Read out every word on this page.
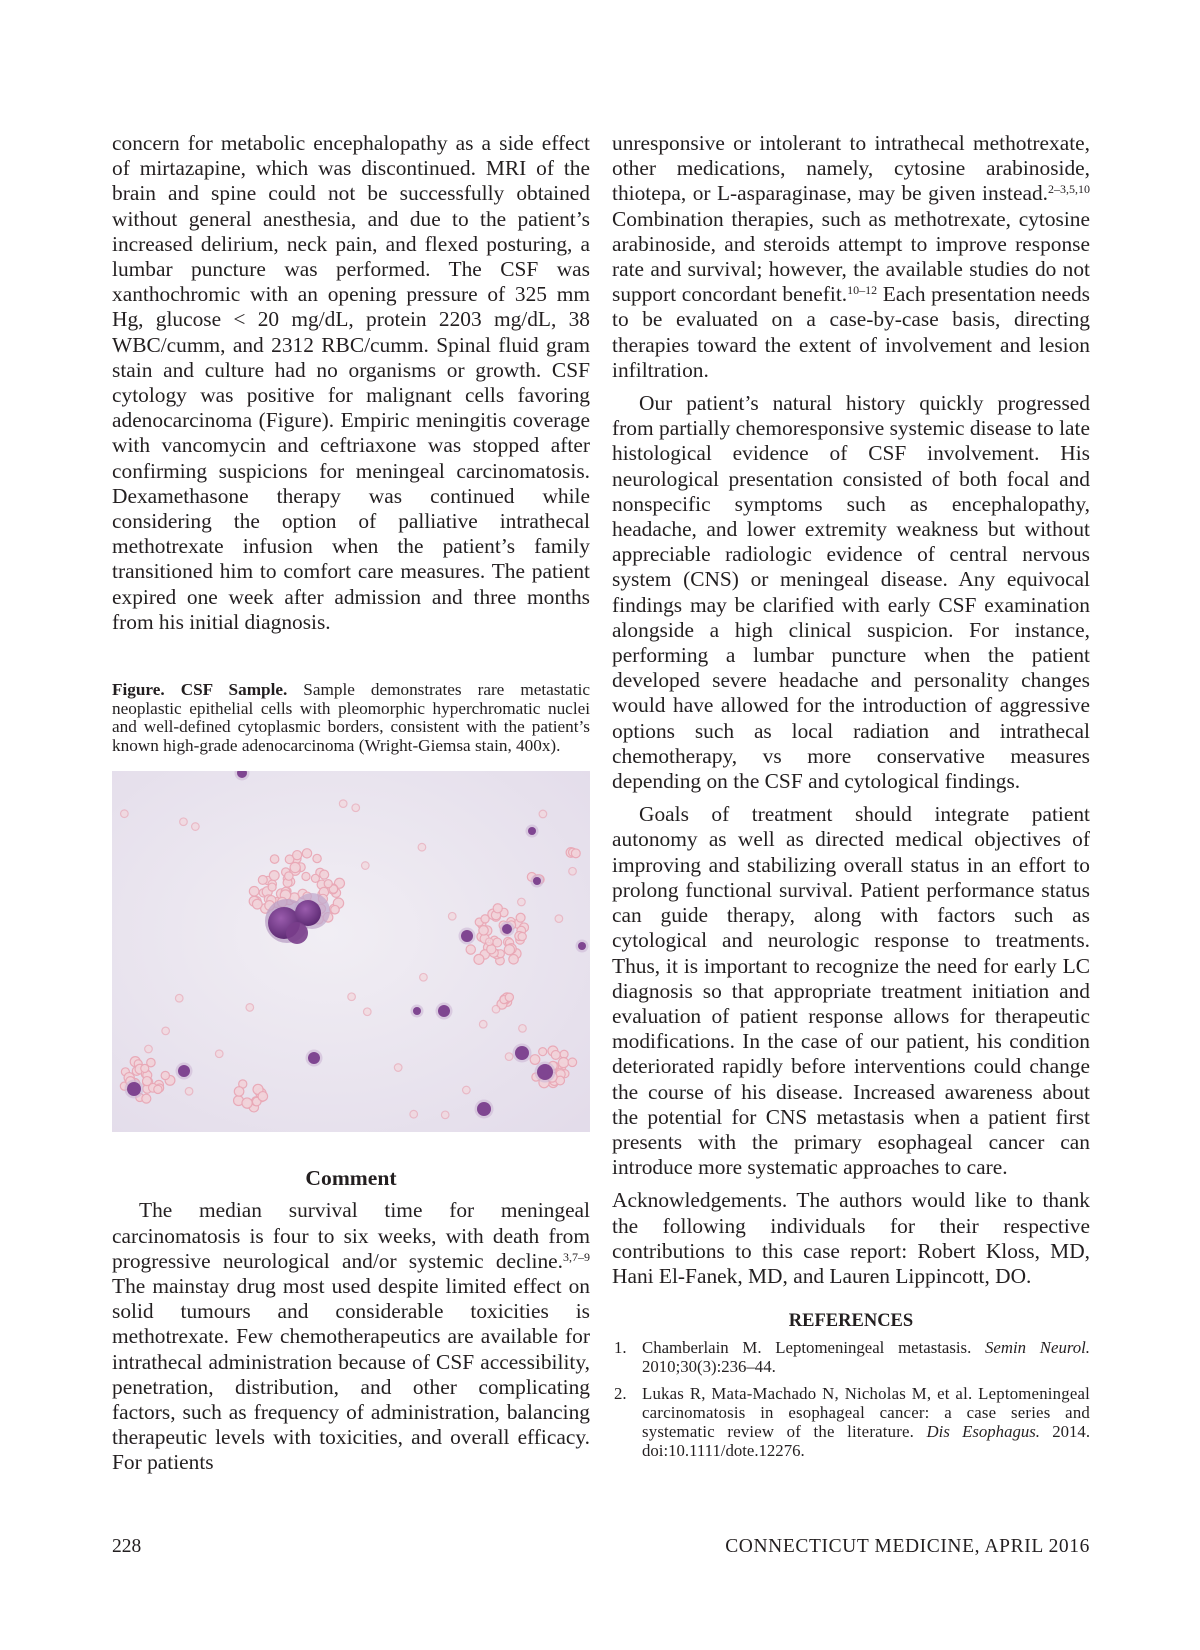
concern for metabolic encephalopathy as a side effect of mirtazapine, which was discontinued. MRI of the brain and spine could not be successfully obtained without general anesthesia, and due to the patient’s increased delirium, neck pain, and flexed posturing, a lumbar puncture was performed. The CSF was xanthochromic with an opening pressure of 325 mm Hg, glucose < 20 mg/dL, protein 2203 mg/dL, 38 WBC/cumm, and 2312 RBC/cumm. Spinal fluid gram stain and culture had no organisms or growth. CSF cytology was positive for malignant cells favoring adenocarcinoma (Figure). Empiric meningitis coverage with vancomycin and ceftriaxone was stopped after confirming suspicions for meningeal carcinomatosis. Dexamethasone therapy was continued while considering the option of palliative intrathecal methotrexate infusion when the patient’s family transitioned him to comfort care measures. The patient expired one week after admission and three months from his initial diagnosis.

Figure. CSF Sample. Sample demonstrates rare metastatic neoplastic epithelial cells with pleomorphic hyperchromatic nuclei and well-defined cytoplasmic borders, consistent with the patient’s known high-grade adenocarcinoma (Wright-Giemsa stain, 400x).
Comment

The median survival time for meningeal carcinomatosis is four to six weeks, with death from progressive neurological and/or systemic decline.$^{3,7-9}$ The mainstay drug most used despite limited effect on solid tumours and considerable toxicities is methotrexate. Few chemotherapeutics are available for intrathecal administration because of CSF accessibility, penetration, distribution, and other complicating factors, such as frequency of administration, balancing therapeutic levels with toxicities, and overall efficacy. For patients

unresponsive or intolerant to intrathecal methotrexate, other medications, namely, cytosine arabinoside, thiotepa, or L-asparaginase, may be given instead.$^{2-3,5,10}$ Combination therapies, such as methotrexate, cytosine arabinoside, and steroids attempt to improve response rate and survival; however, the available studies do not support concordant benefit.$^{10-12}$ Each presentation needs to be evaluated on a case-by-case basis, directing therapies toward the extent of involvement and lesion infiltration.

Our patient’s natural history quickly progressed from partially chemoresponsive systemic disease to late histological evidence of CSF involvement. His neurological presentation consisted of both focal and nonspecific symptoms such as encephalopathy, headache, and lower extremity weakness but without appreciable radiologic evidence of central nervous system (CNS) or meningeal disease. Any equivocal findings may be clarified with early CSF examination alongside a high clinical suspicion. For instance, performing a lumbar puncture when the patient developed severe headache and personality changes would have allowed for the introduction of aggressive options such as local radiation and intrathecal chemotherapy, vs more conservative measures depending on the CSF and cytological findings.

Goals of treatment should integrate patient autonomy as well as directed medical objectives of improving and stabilizing overall status in an effort to prolong functional survival. Patient performance status can guide therapy, along with factors such as cytological and neurologic response to treatments. Thus, it is important to recognize the need for early LC diagnosis so that appropriate treatment initiation and evaluation of patient response allows for therapeutic modifications. In the case of our patient, his condition deteriorated rapidly before interventions could change the course of his disease. Increased awareness about the potential for CNS metastasis when a patient first presents with the primary esophageal cancer can introduce more systematic approaches to care.

Acknowledgements. The authors would like to thank the following individuals for their respective contributions to this case report: Robert Kloss, MD, Hani El-Fanek, MD, and Lauren Lippincott, DO.

REFERENCES
1. Chamberlain M. Leptomeningeal metastasis. Semin Neurol. 2010;30(3):236–44.
2. Lukas R, Mata-Machado N, Nicholas M, et al. Leptomeningeal carcinomatosis in esophageal cancer: a case series and systematic review of the literature. Dis Esophagus. 2014. doi:10.1111/dote.12276.
228	CONNECTICUT MEDICINE, APRIL 2016
